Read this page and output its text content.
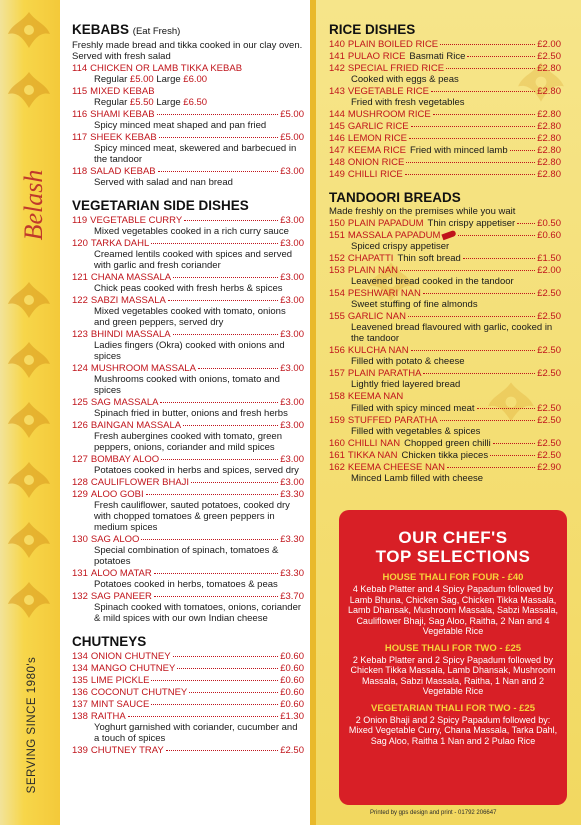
Belash
SERVING SINCE 1980's
KEBABS (Eat Fresh)
Freshly made bread and tikka cooked in our clay oven. Served with fresh salad
114 CHICKEN OR LAMB TIKKA KEBAB
Regular £5.00 Large £6.00
115 MIXED KEBAB
Regular £5.50 Large £6.50
116 SHAMI KEBAB	£5.00
Spicy minced meat shaped and pan fried
117 SHEEK KEBAB	£5.00
Spicy minced meat, skewered and barbecued in the tandoor
118 SALAD KEBAB	£3.00
Served with salad and nan bread
VEGETARIAN SIDE DISHES
119 VEGETABLE CURRY	£3.00
Mixed vegetables cooked in a rich curry sauce
120 TARKA DAHL	£3.00
Creamed lentils cooked with spices and served with garlic and fresh coriander
121 CHANA MASSALA	£3.00
Chick peas cooked with fresh herbs & spices
122 SABZI MASSALA	£3.00
Mixed vegetables cooked with tomato, onions and green peppers, served dry
123 BHINDI MASSALA	£3.00
Ladies fingers (Okra) cooked with onions and spices
124 MUSHROOM MASSALA	£3.00
Mushrooms cooked with onions, tomato and spices
125 SAG MASSALA	£3.00
Spinach fried in butter, onions and fresh herbs
126 BAINGAN MASSALA	£3.00
Fresh aubergines cooked with tomato, green peppers, onions, coriander and mild spices
127 BOMBAY ALOO	£3.00
Potatoes cooked in herbs and spices, served dry
128 CAULIFLOWER BHAJI	£3.00
129 ALOO GOBI	£3.30
Fresh cauliflower, sauted potatoes, cooked dry with chopped tomatoes & green peppers in medium spices
130 SAG ALOO	£3.30
Special combination of spinach, tomatoes & potatoes
131 ALOO MATAR	£3.30
Potatoes cooked in herbs, tomatoes & peas
132 SAG PANEER	£3.70
Spinach cooked with tomatoes, onions, coriander & mild spices with our own Indian cheese
CHUTNEYS
134 ONION CHUTNEY	£0.60
134 MANGO CHUTNEY	£0.60
135 LIME PICKLE	£0.60
136 COCONUT CHUTNEY	£0.60
137 MINT SAUCE	£0.60
138 RAITHA	£1.30
Yoghurt garnished with coriander, cucumber and a touch of spices
139 CHUTNEY TRAY	£2.50
RICE DISHES
140 PLAIN BOILED RICE	£2.00
141 PULAO RICE Basmati Rice	£2.50
142 SPECIAL FRIED RICE	£2.80
Cooked with eggs & peas
143 VEGETABLE RICE	£2.80
Fried with fresh vegetables
144 MUSHROOM RICE	£2.80
145 GARLIC RICE	£2.80
146 LEMON RICE	£2.80
147 KEEMA RICE Fried with minced lamb	£2.80
148 ONION RICE	£2.80
149 CHILLI RICE	£2.80
TANDOORI BREADS
Made freshly on the premises while you wait
150 PLAIN PAPADUM Thin crispy appetiser £0.50
151 MASSALA PAPADUM	£0.60
Spiced crispy appetiser
152 CHAPATTI Thin soft bread	£1.50
153 PLAIN NAN	£2.00
Leavened bread cooked in the tandoor
154 PESHWARI NAN	£2.50
Sweet stuffing of fine almonds
155 GARLIC NAN	£2.50
Leavened bread flavoured with garlic, cooked in the tandoor
156 KULCHA NAN	£2.50
Filled with potato & cheese
157 PLAIN PARATHA	£2.50
Lightly fried layered bread
158 KEEMA NAN
Filled with spicy minced meat	£2.50
159 STUFFED PARATHA	£2.50
Filled with vegetables & spices
160 CHILLI NAN Chopped green chilli	£2.50
161 TIKKA NAN Chicken tikka pieces	£2.50
162 KEEMA CHEESE NAN	£2.90
Minced Lamb filled with cheese
OUR CHEF'S
TOP SELECTIONS
HOUSE THALI FOR FOUR - £40
4 Kebab Platter and 4 Spicy Papadum followed by Lamb Bhuna, Chicken Sag, Chicken Tikka Massala, Lamb Dhansak, Mushroom Massala, Sabzi Massala, Cauliflower Bhaji, Sag Aloo, Raitha, 2 Nan and 4 Vegetable Rice
HOUSE THALI FOR TWO - £25
2 Kebab Platter and 2 Spicy Papadum followed by Chicken Tikka Massala, Lamb Dhansak, Mushroom Massala, Sabzi Massala, Raitha, 1 Nan and 2 Vegetable Rice
VEGETARIAN THALI FOR TWO - £25
2 Onion Bhaji and 2 Spicy Papadum followed by: Mixed Vegetable Curry, Chana Massala, Tarka Dahl, Sag Aloo, Raitha 1 Nan and 2 Pulao Rice
Printed by gps design and print - 01792 206647
